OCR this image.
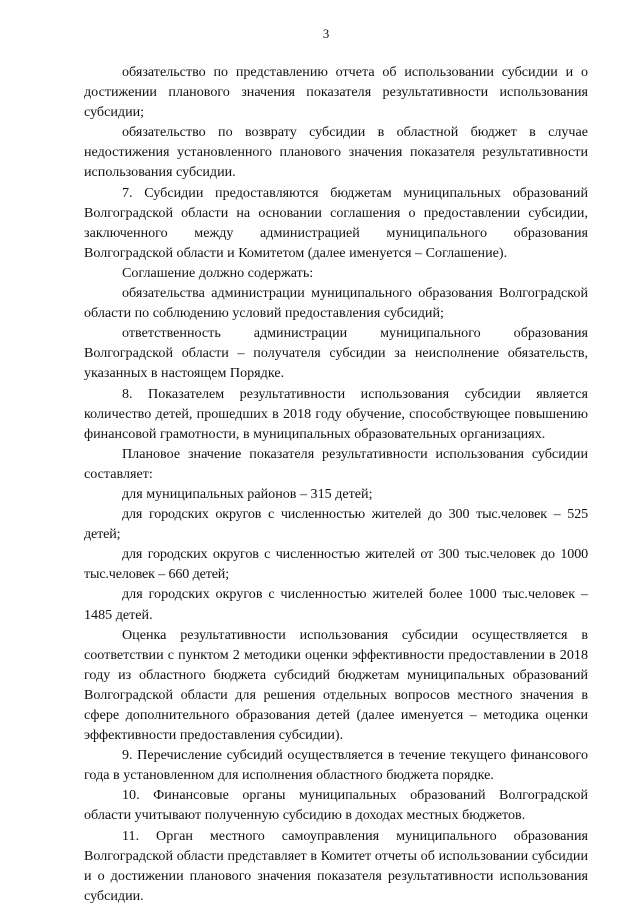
3

обязательство по представлению отчета об использовании субсидии и о достижении планового значения показателя результативности использования субсидии;

обязательство по возврату субсидии в областной бюджет в случае недостижения установленного планового значения показателя результативности использования субсидии.

7. Субсидии предоставляются бюджетам муниципальных образований Волгоградской области на основании соглашения о предоставлении субсидии, заключенного между администрацией муниципального образования Волгоградской области и Комитетом (далее именуется – Соглашение).

Соглашение должно содержать:

обязательства администрации муниципального образования Волгоградской области по соблюдению условий предоставления субсидий;

ответственность администрации муниципального образования Волгоградской области – получателя субсидии за неисполнение обязательств, указанных в настоящем Порядке.

8. Показателем результативности использования субсидии является количество детей, прошедших в 2018 году обучение, способствующее повышению финансовой грамотности, в муниципальных образовательных организациях.

Плановое значение показателя результативности использования субсидии составляет:

для муниципальных районов – 315 детей;

для городских округов с численностью жителей до 300 тыс.человек – 525 детей;

для городских округов с численностью жителей от 300 тыс.человек до 1000 тыс.человек – 660 детей;

для городских округов с численностью жителей более 1000 тыс.человек – 1485 детей.

Оценка результативности использования субсидии осуществляется в соответствии с пунктом 2 методики оценки эффективности предоставлении в 2018 году из областного бюджета субсидий бюджетам муниципальных образований Волгоградской области для решения отдельных вопросов местного значения в сфере дополнительного образования детей (далее именуется – методика оценки эффективности предоставления субсидии).

9. Перечисление субсидий осуществляется в течение текущего финансового года в установленном для исполнения областного бюджета порядке.

10. Финансовые органы муниципальных образований Волгоградской области учитывают полученную субсидию в доходах местных бюджетов.

11. Орган местного самоуправления муниципального образования Волгоградской области представляет в Комитет отчеты об использовании субсидии и о достижении планового значения показателя результативности использования субсидии.
